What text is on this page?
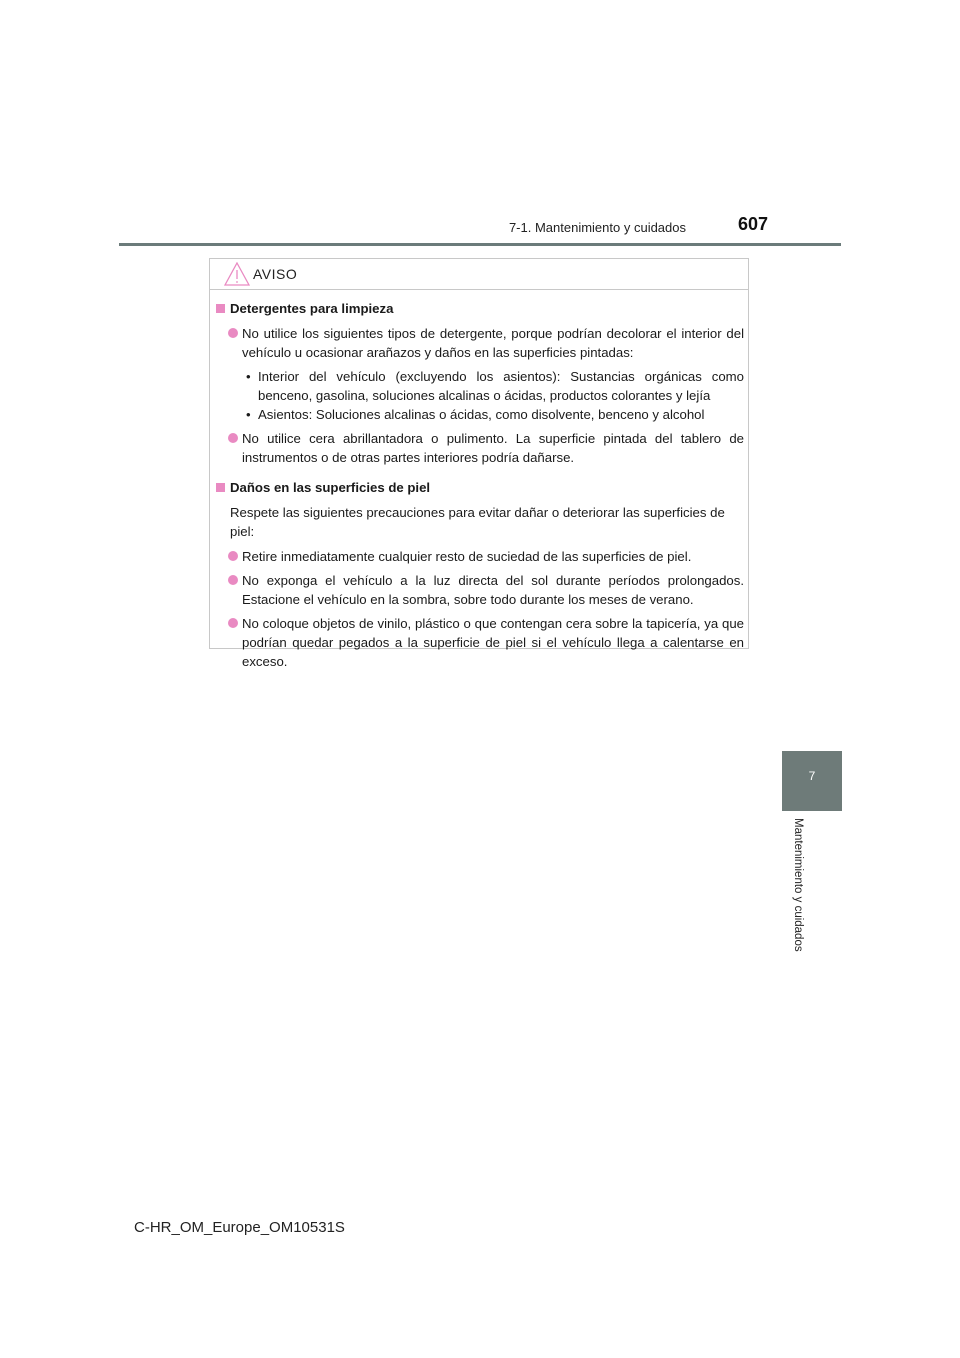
7-1. Mantenimiento y cuidados	607
7
Mantenimiento y cuidados
AVISO
Detergentes para limpieza
No utilice los siguientes tipos de detergente, porque podrían decolorar el interior del vehículo u ocasionar arañazos y daños en las superficies pintadas:
• Interior del vehículo (excluyendo los asientos): Sustancias orgánicas como benceno, gasolina, soluciones alcalinas o ácidas, productos colorantes y lejía
• Asientos: Soluciones alcalinas o ácidas, como disolvente, benceno y alcohol
No utilice cera abrillantadora o pulimento. La superficie pintada del tablero de instrumentos o de otras partes interiores podría dañarse.
Daños en las superficies de piel
Respete las siguientes precauciones para evitar dañar o deteriorar las superficies de piel:
Retire inmediatamente cualquier resto de suciedad de las superficies de piel.
No exponga el vehículo a la luz directa del sol durante períodos prolongados. Estacione el vehículo en la sombra, sobre todo durante los meses de verano.
No coloque objetos de vinilo, plástico o que contengan cera sobre la tapicería, ya que podrían quedar pegados a la superficie de piel si el vehículo llega a calentarse en exceso.
C-HR_OM_Europe_OM10531S
